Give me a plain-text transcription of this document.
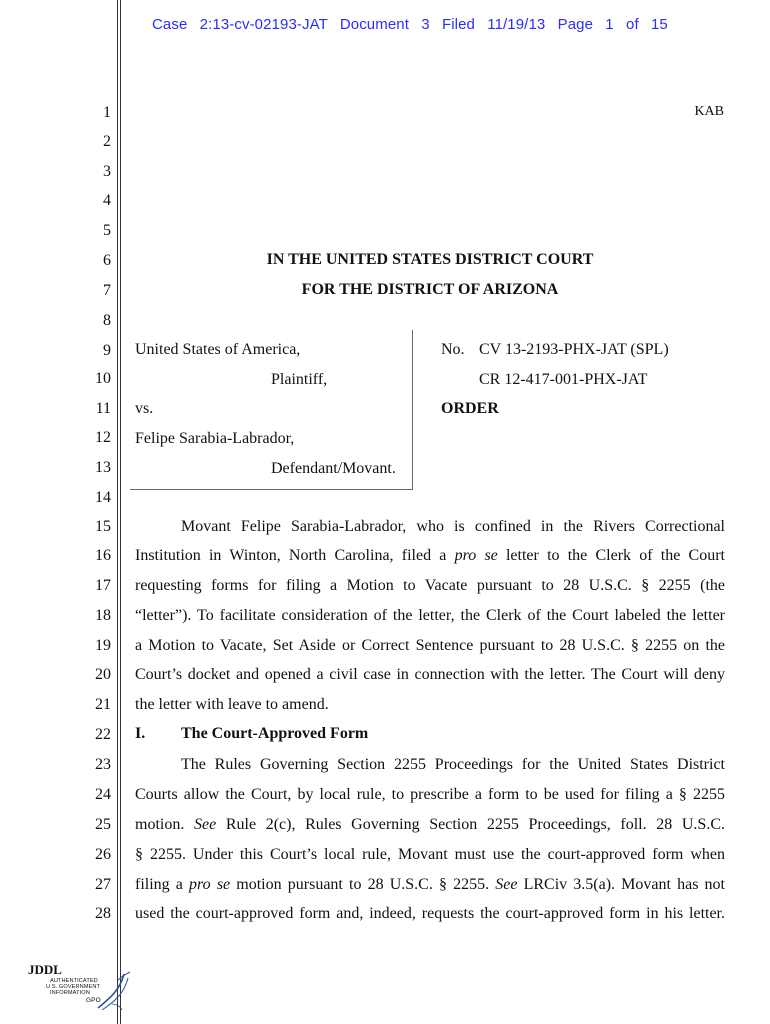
Case 2:13-cv-02193-JAT Document 3 Filed 11/19/13 Page 1 of 15
1
2
3
4
5
6
7
8
9
10
11
12
13
14
15
16
17
18
19
20
21
22
23
24
25
26
27
28
KAB
IN THE UNITED STATES DISTRICT COURT
FOR THE DISTRICT OF ARIZONA
United States of America,
Plaintiff,
vs.
Felipe Sarabia-Labrador,
Defendant/Movant.
No. CV 13-2193-PHX-JAT (SPL)
CR 12-417-001-PHX-JAT
ORDER
Movant Felipe Sarabia-Labrador, who is confined in the Rivers Correctional
Institution in Winton, North Carolina, filed a pro se letter to the Clerk of the Court
requesting forms for filing a Motion to Vacate pursuant to 28 U.S.C. § 2255 (the
“letter”). To facilitate consideration of the letter, the Clerk of the Court labeled the letter
a Motion to Vacate, Set Aside or Correct Sentence pursuant to 28 U.S.C. § 2255 on the
Court’s docket and opened a civil case in connection with the letter. The Court will deny
the letter with leave to amend.
I. The Court-Approved Form
The Rules Governing Section 2255 Proceedings for the United States District
Courts allow the Court, by local rule, to prescribe a form to be used for filing a § 2255
motion. See Rule 2(c), Rules Governing Section 2255 Proceedings, foll. 28 U.S.C.
§ 2255. Under this Court’s local rule, Movant must use the court-approved form when
filing a pro se motion pursuant to 28 U.S.C. § 2255. See LRCiv 3.5(a). Movant has not
used the court-approved form and, indeed, requests the court-approved form in his letter.
JDDL
AUTHENTICATED
U.S. GOVERNMENT
INFORMATION
GPO
